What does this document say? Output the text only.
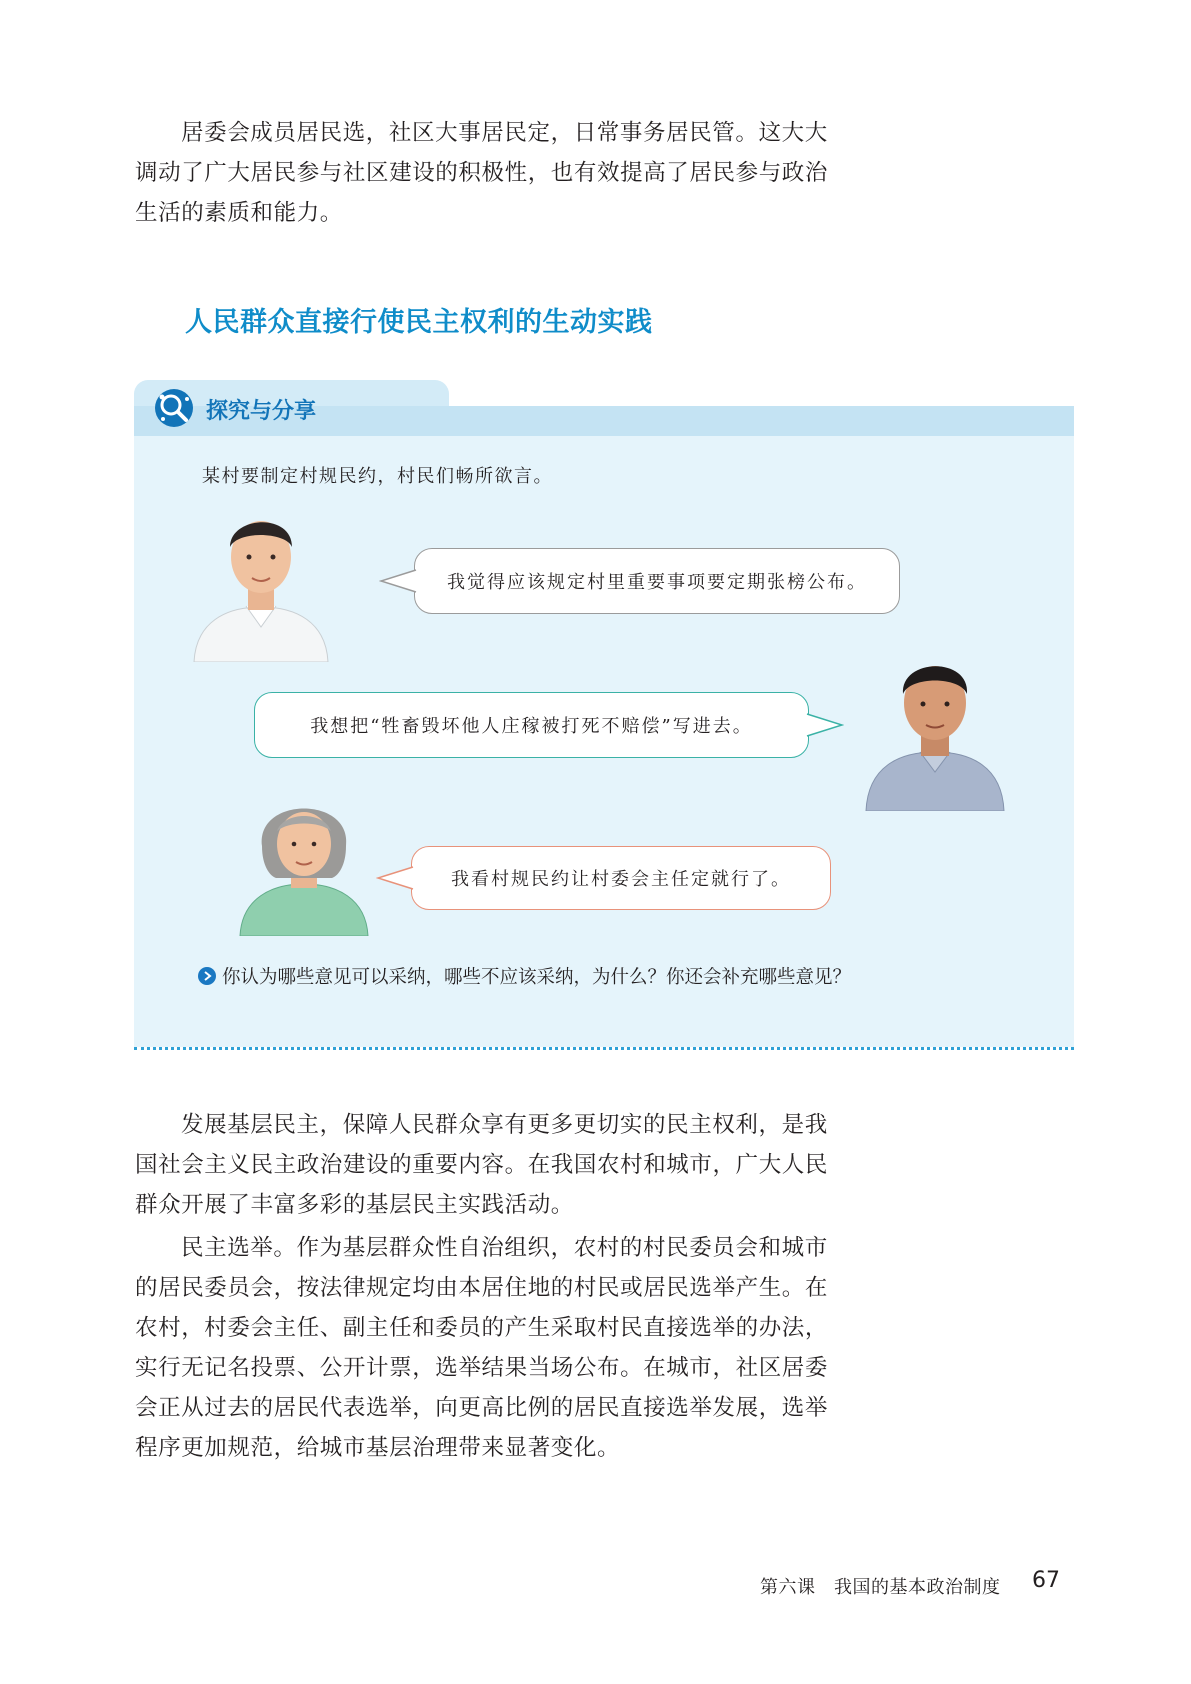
居委会成员居民选，社区大事居民定，日常事务居民管。这大大调动了广大居民参与社区建设的积极性，也有效提高了居民参与政治生活的素质和能力。

人民群众直接行使民主权利的生动实践
探究与分享
某村要制定村规民约，村民们畅所欲言。
我觉得应该规定村里重要事项要定期张榜公布。
我想把“牲畜毁坏他人庄稼被打死不赔偿”写进去。
我看村规民约让村委会主任定就行了。
你认为哪些意见可以采纳，哪些不应该采纳，为什么？你还会补充哪些意见？

发展基层民主，保障人民群众享有更多更切实的民主权利，是我国社会主义民主政治建设的重要内容。在我国农村和城市，广大人民群众开展了丰富多彩的基层民主实践活动。

民主选举。作为基层群众性自治组织，农村的村民委员会和城市的居民委员会，按法律规定均由本居住地的村民或居民选举产生。在农村，村委会主任、副主任和委员的产生采取村民直接选举的办法，实行无记名投票、公开计票，选举结果当场公布。在城市，社区居委会正从过去的居民代表选举，向更高比例的居民直接选举发展，选举程序更加规范，给城市基层治理带来显著变化。

第六课　我国的基本政治制度 67
